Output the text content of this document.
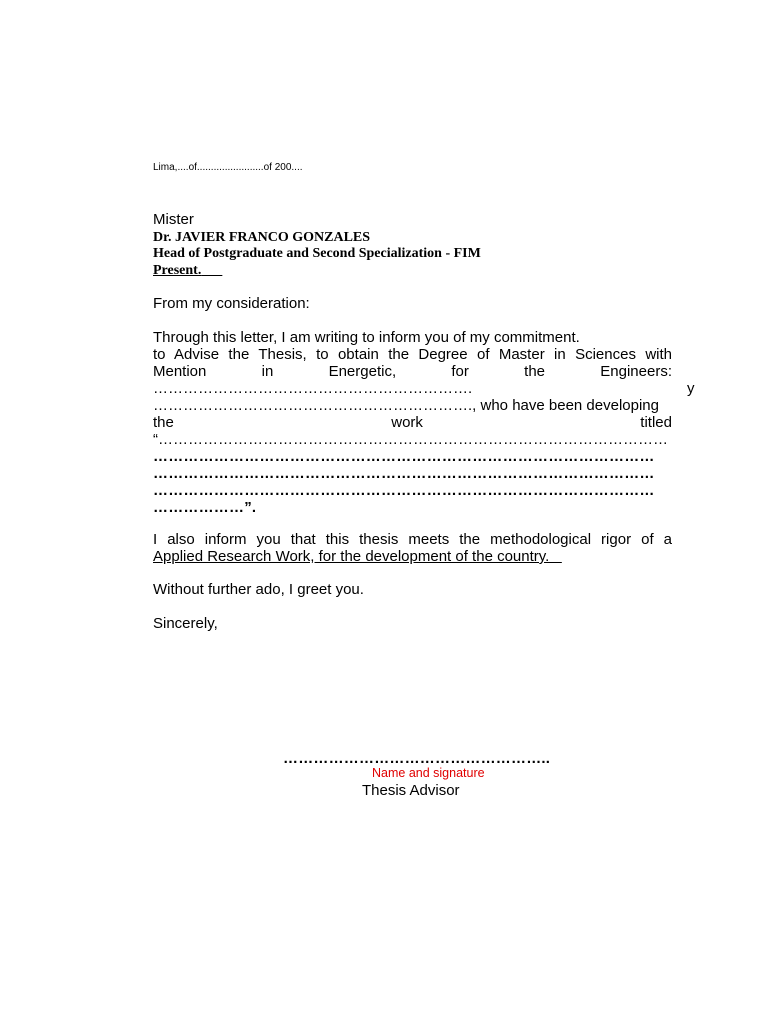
Lima,....of........................of 200....
Mister
Dr. JAVIER FRANCO GONZALES
Head of Postgraduate and Second Specialization - FIM
Present.
From my consideration:
Through this letter, I am writing to inform you of my commitment.
to Advise the Thesis, to obtain the Degree of Master in Sciences with
Mention in Energetic, for the Engineers:
……………………………………………………….	y
………………………………………………………., who have been developing
the work titled
“…………………………………………………………………………………………
………………………………………………………………………………………
………………………………………………………………………………………
………………………………………………………………………………………
………………”.
I also inform you that this thesis meets the methodological rigor of a
Applied Research Work, for the development of the country.
Without further ado, I greet you.
Sincerely,
……………………………………………..
Name and signature
Thesis Advisor
